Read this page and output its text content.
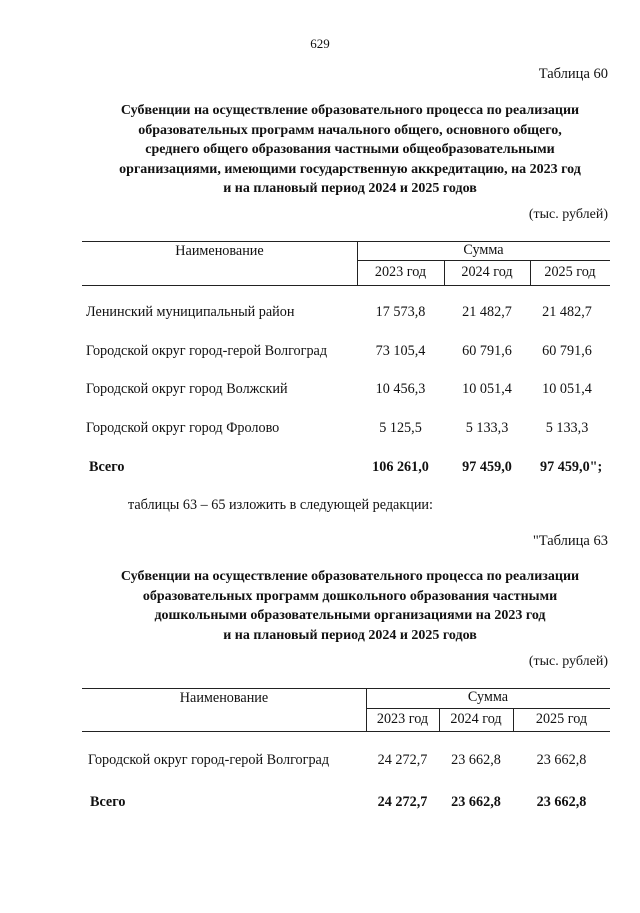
629
Таблица 60
Субвенции на осуществление образовательного процесса по реализации
образовательных программ начального общего, основного общего,
среднего общего образования частными общеобразовательными
организациями, имеющими государственную аккредитацию, на 2023 год
и на плановый период 2024 и 2025 годов
(тыс. рублей)
Наименование	Сумма
2023 год	2024 год	2025 год
Ленинский муниципальный район	17 573,8	21 482,7	21 482,7
Городской округ город-герой Волгоград	73 105,4	60 791,6	60 791,6
Городской округ город Волжский	10 456,3	10 051,4	10 051,4
Городской округ город Фролово	5 125,5	5 133,3	5 133,3
Всего	106 261,0	97 459,0	97 459,0";
таблицы 63 – 65 изложить в следующей редакции:
"Таблица 63
Субвенции на осуществление образовательного процесса по реализации
образовательных программ дошкольного образования частными
дошкольными образовательными организациями на 2023 год
и на плановый период 2024 и 2025 годов
(тыс. рублей)
Наименование	Сумма
2023 год	2024 год	2025 год
Городской округ город-герой Волгоград	24 272,7	23 662,8	23 662,8
Всего	24 272,7	23 662,8	23 662,8
